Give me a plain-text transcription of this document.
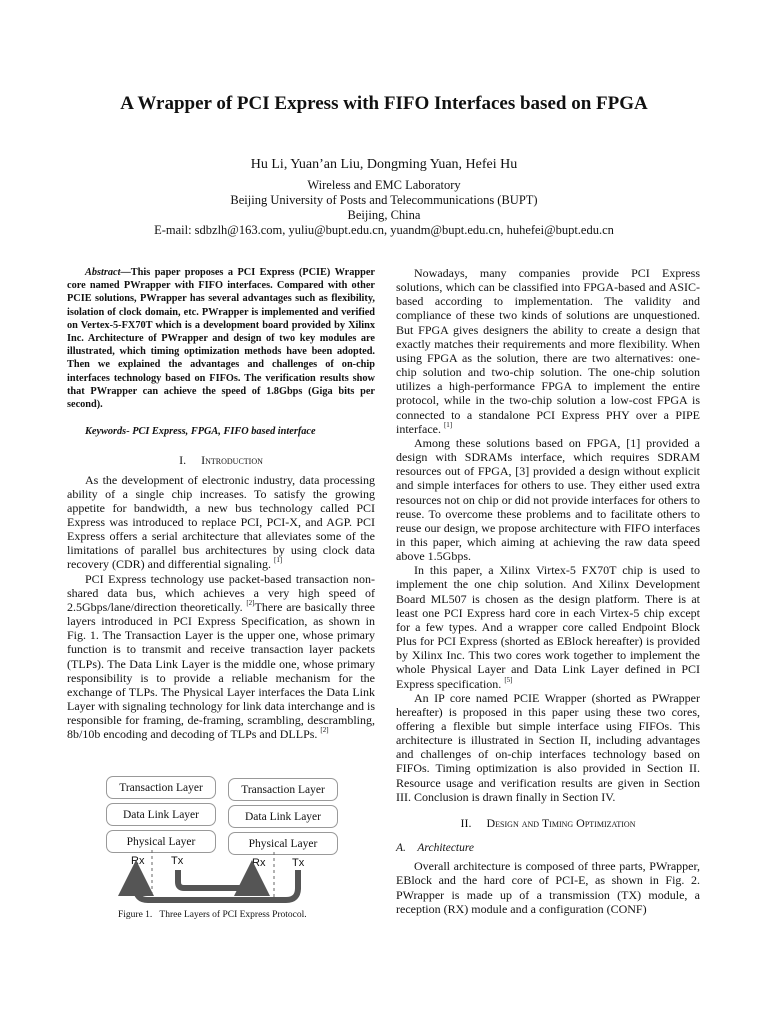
A Wrapper of PCI Express with FIFO Interfaces based on FPGA
Hu Li, Yuan’an Liu, Dongming Yuan, Hefei Hu
Wireless and EMC Laboratory
Beijing University of Posts and Telecommunications (BUPT)
Beijing, China
E-mail: sdbzlh@163.com, yuliu@bupt.edu.cn, yuandm@bupt.edu.cn, huhefei@bupt.edu.cn

Abstract—This paper proposes a PCI Express (PCIE) Wrapper core named PWrapper with FIFO interfaces. Compared with other PCIE solutions, PWrapper has several advantages such as flexibility, isolation of clock domain, etc. PWrapper is implemented and verified on Vertex-5-FX70T which is a development board provided by Xilinx Inc. Architecture of PWrapper and design of two key modules are illustrated, which timing optimization methods have been adopted. Then we explained the advantages and challenges of on-chip interfaces technology based on FIFOs. The verification results show that PWrapper can achieve the speed of 1.8Gbps (Giga bits per second).

Keywords- PCI Express, FPGA, FIFO based interface

I. Introduction

As the development of electronic industry, data processing ability of a single chip increases. To satisfy the growing appetite for bandwidth, a new bus technology called PCI Express was introduced to replace PCI, PCI-X, and AGP. PCI Express offers a serial architecture that alleviates some of the limitations of parallel bus architectures by using clock data recovery (CDR) and differential signaling. [1]

PCI Express technology use packet-based transaction non-shared data bus, which achieves a very high speed of 2.5Gbps/lane/direction theoretically. [2]There are basically three layers introduced in PCI Express Specification, as shown in Fig. 1. The Transaction Layer is the upper one, whose primary function is to transmit and receive transaction layer packets (TLPs). The Data Link Layer is the middle one, whose primary responsibility is to provide a reliable mechanism for the exchange of TLPs. The Physical Layer interfaces the Data Link Layer with signaling technology for link data interchange and is responsible for framing, de-framing, scrambling, descrambling, 8b/10b encoding and decoding of TLPs and DLLPs. [2]

Transaction Layer
Data Link Layer
Physical Layer
Transaction Layer
Data Link Layer
Physical Layer
Rx Tx	Rx Tx
Figure 1.   Three Layers of PCI Express Protocol.

Nowadays, many companies provide PCI Express solutions, which can be classified into FPGA-based and ASIC-based according to implementation. The validity and compliance of these two kinds of solutions are unquestioned. But FPGA gives designers the ability to create a design that exactly matches their requirements and more flexibility. When using FPGA as the solution, there are two alternatives: one-chip solution and two-chip solution. The one-chip solution utilizes a high-performance FPGA to implement the entire protocol, while in the two-chip solution a low-cost FPGA is connected to a standalone PCI Express PHY over a PIPE interface. [1]

Among these solutions based on FPGA, [1] provided a design with SDRAMs interface, which requires SDRAM resources out of FPGA, [3] provided a design without explicit and simple interfaces for others to use. They either used extra resources not on chip or did not provide interfaces for others to reuse. To overcome these problems and to facilitate others to reuse our design, we propose architecture with FIFO interfaces in this paper, which aiming at achieving the raw data speed above 1.5Gbps.

In this paper, a Xilinx Virtex-5 FX70T chip is used to implement the one chip solution. And Xilinx Development Board ML507 is chosen as the design platform. There is at least one PCI Express hard core in each Virtex-5 chip except for a few types. And a wrapper core called Endpoint Block Plus for PCI Express (shorted as EBlock hereafter) is provided by Xilinx Inc. This two cores work together to implement the whole Physical Layer and Data Link Layer defined in PCI Express specification. [5]

An IP core named PCIE Wrapper (shorted as PWrapper hereafter) is proposed in this paper using these two cores, offering a flexible but simple interface using FIFOs. This architecture is illustrated in Section II, including advantages and challenges of on-chip interfaces technology based on FIFOs. Timing optimization is also provided in Section II. Resource usage and verification results are given in Section III. Conclusion is drawn finally in Section IV.

II. Design and Timing Optimization

A. Architecture

Overall architecture is composed of three parts, PWrapper, EBlock and the hard core of PCI-E, as shown in Fig. 2. PWrapper is made up of a transmission (TX) module, a reception (RX) module and a configuration (CONF)
